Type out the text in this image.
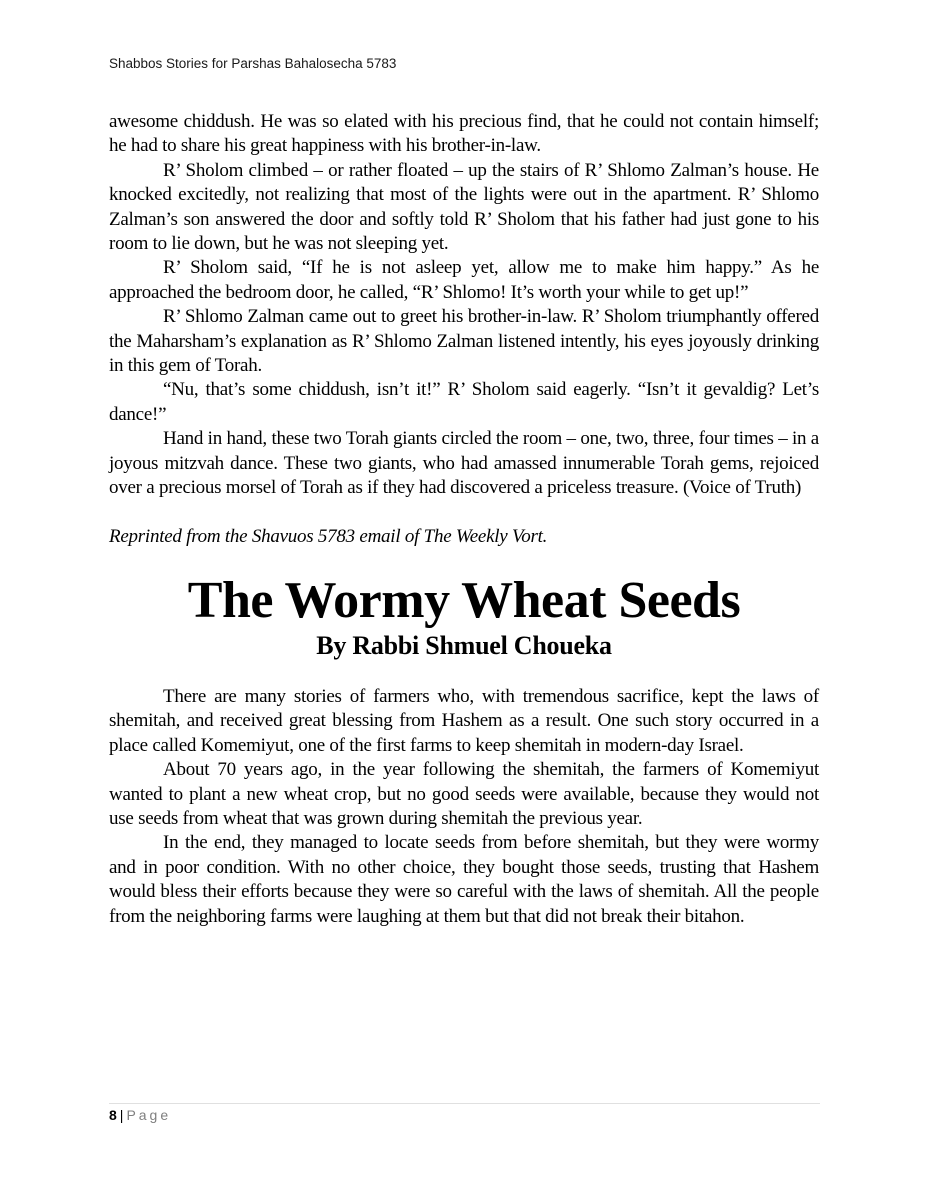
Shabbos Stories for Parshas Bahalosecha 5783

awesome chiddush. He was so elated with his precious find, that he could not contain himself; he had to share his great happiness with his brother-in-law.

R’ Sholom climbed – or rather floated – up the stairs of R’ Shlomo Zalman’s house. He knocked excitedly, not realizing that most of the lights were out in the apartment. R’ Shlomo Zalman’s son answered the door and softly told R’ Sholom that his father had just gone to his room to lie down, but he was not sleeping yet.

R’ Sholom said, “If he is not asleep yet, allow me to make him happy.” As he approached the bedroom door, he called, “R’ Shlomo! It’s worth your while to get up!”

R’ Shlomo Zalman came out to greet his brother-in-law. R’ Sholom triumphantly offered the Maharsham’s explanation as R’ Shlomo Zalman listened intently, his eyes joyously drinking in this gem of Torah.

“Nu, that’s some chiddush, isn’t it!” R’ Sholom said eagerly. “Isn’t it gevaldig? Let’s dance!”

Hand in hand, these two Torah giants circled the room – one, two, three, four times – in a joyous mitzvah dance. These two giants, who had amassed innumerable Torah gems, rejoiced over a precious morsel of Torah as if they had discovered a priceless treasure. (Voice of Truth)

Reprinted from the Shavuos 5783 email of The Weekly Vort.

The Wormy Wheat Seeds
By Rabbi Shmuel Choueka

There are many stories of farmers who, with tremendous sacrifice, kept the laws of shemitah, and received great blessing from Hashem as a result. One such story occurred in a place called Komemiyut, one of the first farms to keep shemitah in modern-day Israel.

About 70 years ago, in the year following the shemitah, the farmers of Komemiyut wanted to plant a new wheat crop, but no good seeds were available, because they would not use seeds from wheat that was grown during shemitah the previous year.

In the end, they managed to locate seeds from before shemitah, but they were wormy and in poor condition. With no other choice, they bought those seeds, trusting that Hashem would bless their efforts because they were so careful with the laws of shemitah. All the people from the neighboring farms were laughing at them but that did not break their bitahon.

8 | Page
